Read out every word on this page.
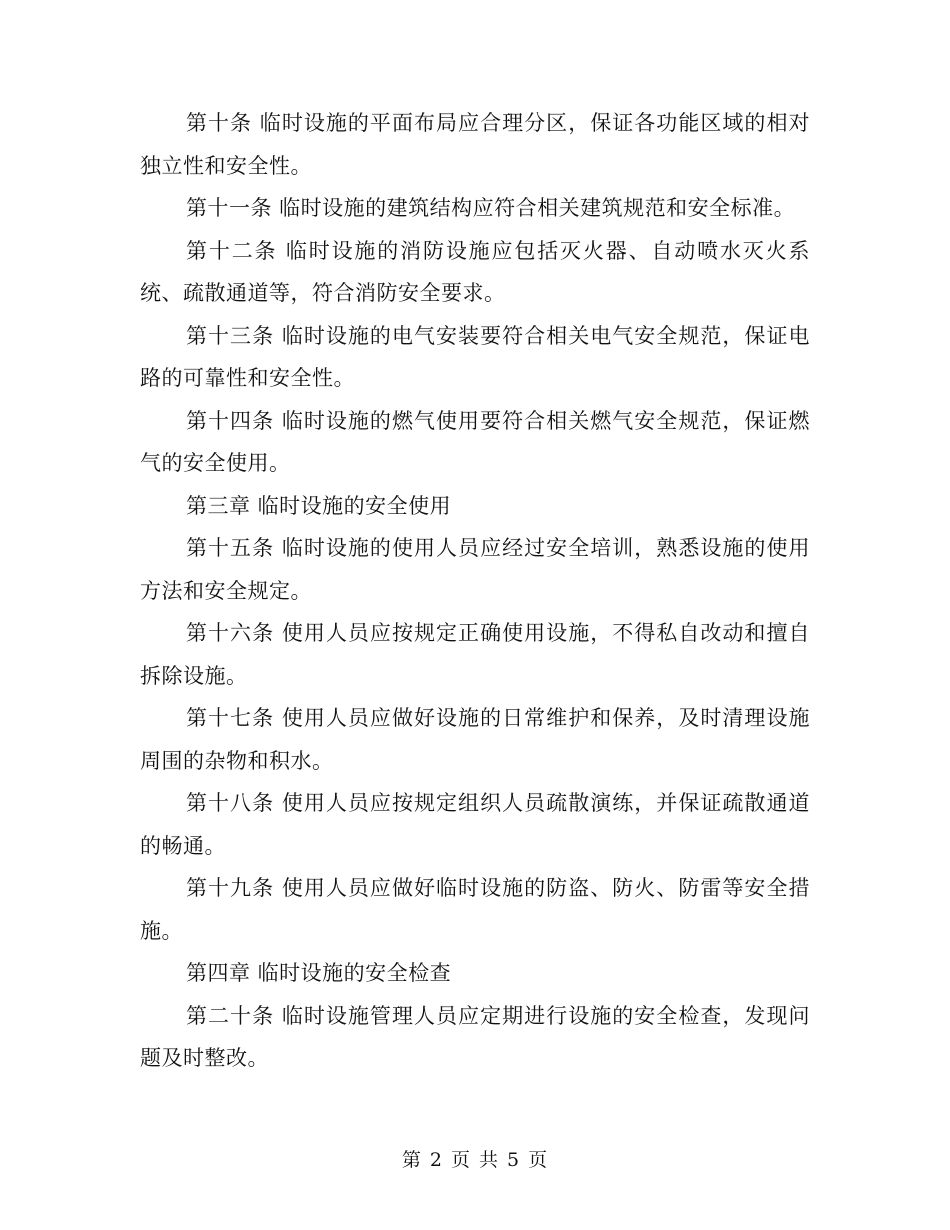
第十条 临时设施的平面布局应合理分区，保证各功能区域的相对独立性和安全性。

第十一条 临时设施的建筑结构应符合相关建筑规范和安全标准。

第十二条 临时设施的消防设施应包括灭火器、自动喷水灭火系统、疏散通道等，符合消防安全要求。

第十三条 临时设施的电气安装要符合相关电气安全规范，保证电路的可靠性和安全性。

第十四条 临时设施的燃气使用要符合相关燃气安全规范，保证燃气的安全使用。

第三章 临时设施的安全使用

第十五条 临时设施的使用人员应经过安全培训，熟悉设施的使用方法和安全规定。

第十六条 使用人员应按规定正确使用设施，不得私自改动和擅自拆除设施。

第十七条 使用人员应做好设施的日常维护和保养，及时清理设施周围的杂物和积水。

第十八条 使用人员应按规定组织人员疏散演练，并保证疏散通道的畅通。

第十九条 使用人员应做好临时设施的防盗、防火、防雷等安全措施。

第四章 临时设施的安全检查

第二十条 临时设施管理人员应定期进行设施的安全检查，发现问题及时整改。

第 2 页 共 5 页
